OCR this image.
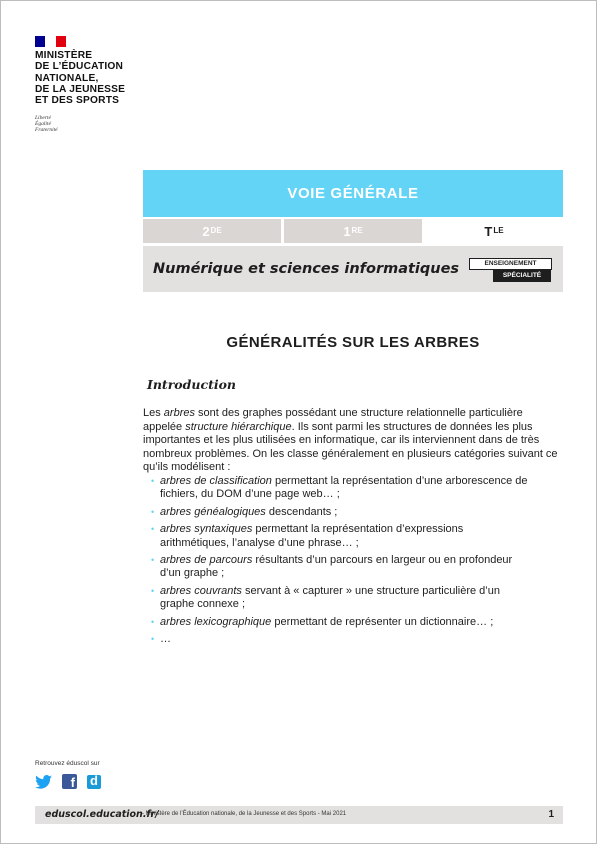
MINISTÈRE
DE L’ÉDUCATION
NATIONALE,
DE LA JEUNESSE
ET DES SPORTS
Liberté
Égalité
Fraternité
VOIE GÉNÉRALE
2DE	1RE	$T^{LE}$
Numérique et sciences informatiques	ENSEIGNEMENT
SPÉCIALITÉ
GÉNÉRALITÉS SUR LES ARBRES
Introduction

Les arbres sont des graphes possédant une structure relationnelle particulière appelée structure hiérarchique. Ils sont parmi les structures de données les plus importantes et les plus utilisées en informatique, car ils interviennent dans de très nombreux problèmes. On les classe généralement en plusieurs catégories suivant ce qu’ils modélisent :

• arbres de classification permettant la représentation d’une arborescence de fichiers, du DOM d’une page web… ;
• arbres généalogiques descendants ;
• arbres syntaxiques permettant la représentation d’expressions arithmétiques, l’analyse d’une phrase… ;
• arbres de parcours résultants d’un parcours en largeur ou en profondeur d’un graphe ;
• arbres couvrants servant à « capturer » une structure particulière d’un graphe connexe ;
• arbres lexicographique permettant de représenter un dictionnaire… ;
• …
Retrouvez éduscol sur
f
d
eduscol.education.fr/
- Ministère de l’Éducation nationale, de la Jeunesse et des Sports - Mai 2021	1
